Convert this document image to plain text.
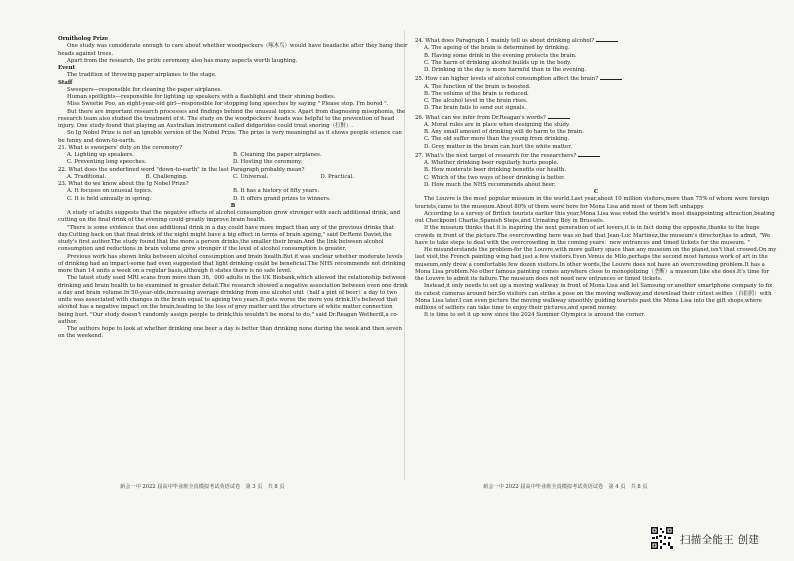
Ornitholog Prize

One study was considerate enough to care about whether woodpeckers（啄木鸟）would have headache after they bang their heads against trees.

Apart from the research, the prize ceremony also has many aspects worth laughing.

Event

The tradition of throwing paper airplanes to the stage.

Staff

Sweepers—responsible for cleaning the paper airplanes.

Human spotlights—responsible for lighting up speakers with a flashlight and their shining bodies.

Miss Sweetie Poo, an eight-year-old girl—responsible for stopping long speeches by saying " Please stop. I'm bored ".

But there are important research processes and findings behind the unusual topics. Apart from diagnosing misophonia, the research team also studied the treatment of it. The study on the woodpeckers' heads was helpful to the prevention of head injury. One study found that playing an Australian instrument called didgeridoo could treat snoring（打鼾）.

So Ig Nobel Prize is not an ignoble version of the Nobel Prize. The prize is very meaningful as it shows people science can be funny and down-to-earth.

21. What is sweepers' duty on the ceremony?

A. Lighting up speakers.	B. Cleaning the paper airplanes.
C. Preventing long speeches.	D. Hosting the ceremony.

22. What does the underlined word "down-to-earth" in the last Paragraph probably mean?

A. Traditional.	B. Challenging.	C. Universal.	D. Practical.

23. What do we know about the Ig Nobel Prize?

A. It focuses on unusual topics.	B. It has a history of fifty years.
C. It is held annually in spring.	D. It offers grand prizes to winners.

B

A study of adults suggests that the negative effects of alcohol consumption grow stronger with each additional drink, and cutting on the final drink of the evening could greatly improve brain health.

"There is some evidence that one additional drink in a day could have more impact than any of the previous drinks that day.Cutting back on that final drink of the night might have a big effect in terms of brain ageing," said Dr.Remi Daviet,the study's first author.The study found that the more a person drinks,the smaller their brain.And the link between alcohol consumption and reductions in brain volume grew stronger if the level of alcohol consumption is greater.

Previous work has shown links between alcohol consumption and brain health.But it was unclear whether moderate levels of drinking had an impact-some had even suggested that light drinking could be beneficial.The NHS recommends not drinking more than 14 units a week on a regular basis,although it states there is no safe level.

The latest study used MRI scans from more than 36，000 adults in the UK Biobank,which allowed the relationship between drinking and brain health to be examined in greater detail.The research showed a negative association between even one drink a day and brain volume.In 50-year-olds,increasing average drinking from one alcohol unit（half a pint of beer）a day to two units was associated with changes in the brain equal to ageing two years.It gets worse the more you drink.It's believed that alcohol has a negative impact on the brain,leading to the loss of grey matter and the structure of white matter connection being hurt. "Our study doesn't randomly assign people to drink,this wouldn't be moral to do," said Dr.Reagan Wetherill,a co-author.

The authors hope to look at whether drinking one beer a day is better than drinking none during the week and then seven on the weekend.

24. What does Paragraph 1 mainly tell us about drinking alcohol?

A. The ageing of the brain is determined by drinking.

B. Having some drink in the evening protects the brain.

C. The harm of drinking alcohol builds up in the body.

D. Drinking in the day is more harmful than in the evening.

25. How can higher levels of alcohol consumption affect the brain?

A. The function of the brain is boosted.

B. The volume of the brain is reduced.

C. The alcohol level in the brain rises.

D. The brain fails to send out signals.

26. What can we infer from Dr.Reagan's words?

A. Moral rules are in place when designing the study.

B. Any small amount of drinking will do harm to the brain.

C. The old suffer more than the young from drinking.

D. Grey matter in the brain can hurt the white matter.

27. What's the next target of research for the researchers?

A. Whether drinking beer regularly hurts people.

B. How moderate beer drinking benefits our health.

C. Which of the two ways of beer drinking is better.

D. How much the NHS recommends about beer.

C

The Louvre is the most popular museum in the world.Last year,about 10 million visitors,more than 75% of whom were foreign tourists,came to the museum.About 80% of them were here for Mona Lisa and most of them left unhappy.

According to a survey of British tourists earlier this year,Mona Lisa was voted the world's most disappointing attraction,beating out Checkpoint Charlie,Spanish Steps,and Urinating Boy in Brussels.

If the museum thinks that it is inspiring the next generation of art lovers,it is in fact doing the opposite,thanks to the huge crowds in front of the picture.The overcrowding here was so bad that Jean-Luc Martinez,the museum's director,has to admit, "We have to take steps to deal with the overcrowding in the coming years：new entrances and timed tickets for the museum. "

He misunderstands the problem-for the Louvre,with more gallery space than any museum on the planet,isn't that crowed.On my last visit,the French painting wing had just a few visitors.Even Venus de Milo,perhaps the second most famous work of art in the museum,only drew a comfortable few dozen visitors.In other words,the Louvre does not have an overcrowding problem.It has a Mona Lisa problem.No other famous painting comes anywhere close to monopolizing（垄断）a museum like she does.It's time for the Louvre to admit its failure.The museum does not need new entrances or timed tickets.

Instead,it only needs to set up a moving walkway in front of Mona Lisa and let Samsung or another smartphone company to fix its cutest cameras around her.So visitors can strike a pose on the moving walkway,and download their cutest selfies（自拍照）with Mona Lisa later.I can even picture the moving walkway smoothly guiding tourists past the Mona Lisa into the gift shops,where millions of selfiers can take time to enjoy their pictures,and spend money.

It is time to set it up now since the 2024 Summer Olympics is around the corner.

新会一中 2022 届高中毕业班全真模拟考试英语试卷　第 3 页　共 8 页	新会一中 2022 届高中毕业班全真模拟考试英语试卷　第 4 页　共 8 页
扫描全能王 创建
